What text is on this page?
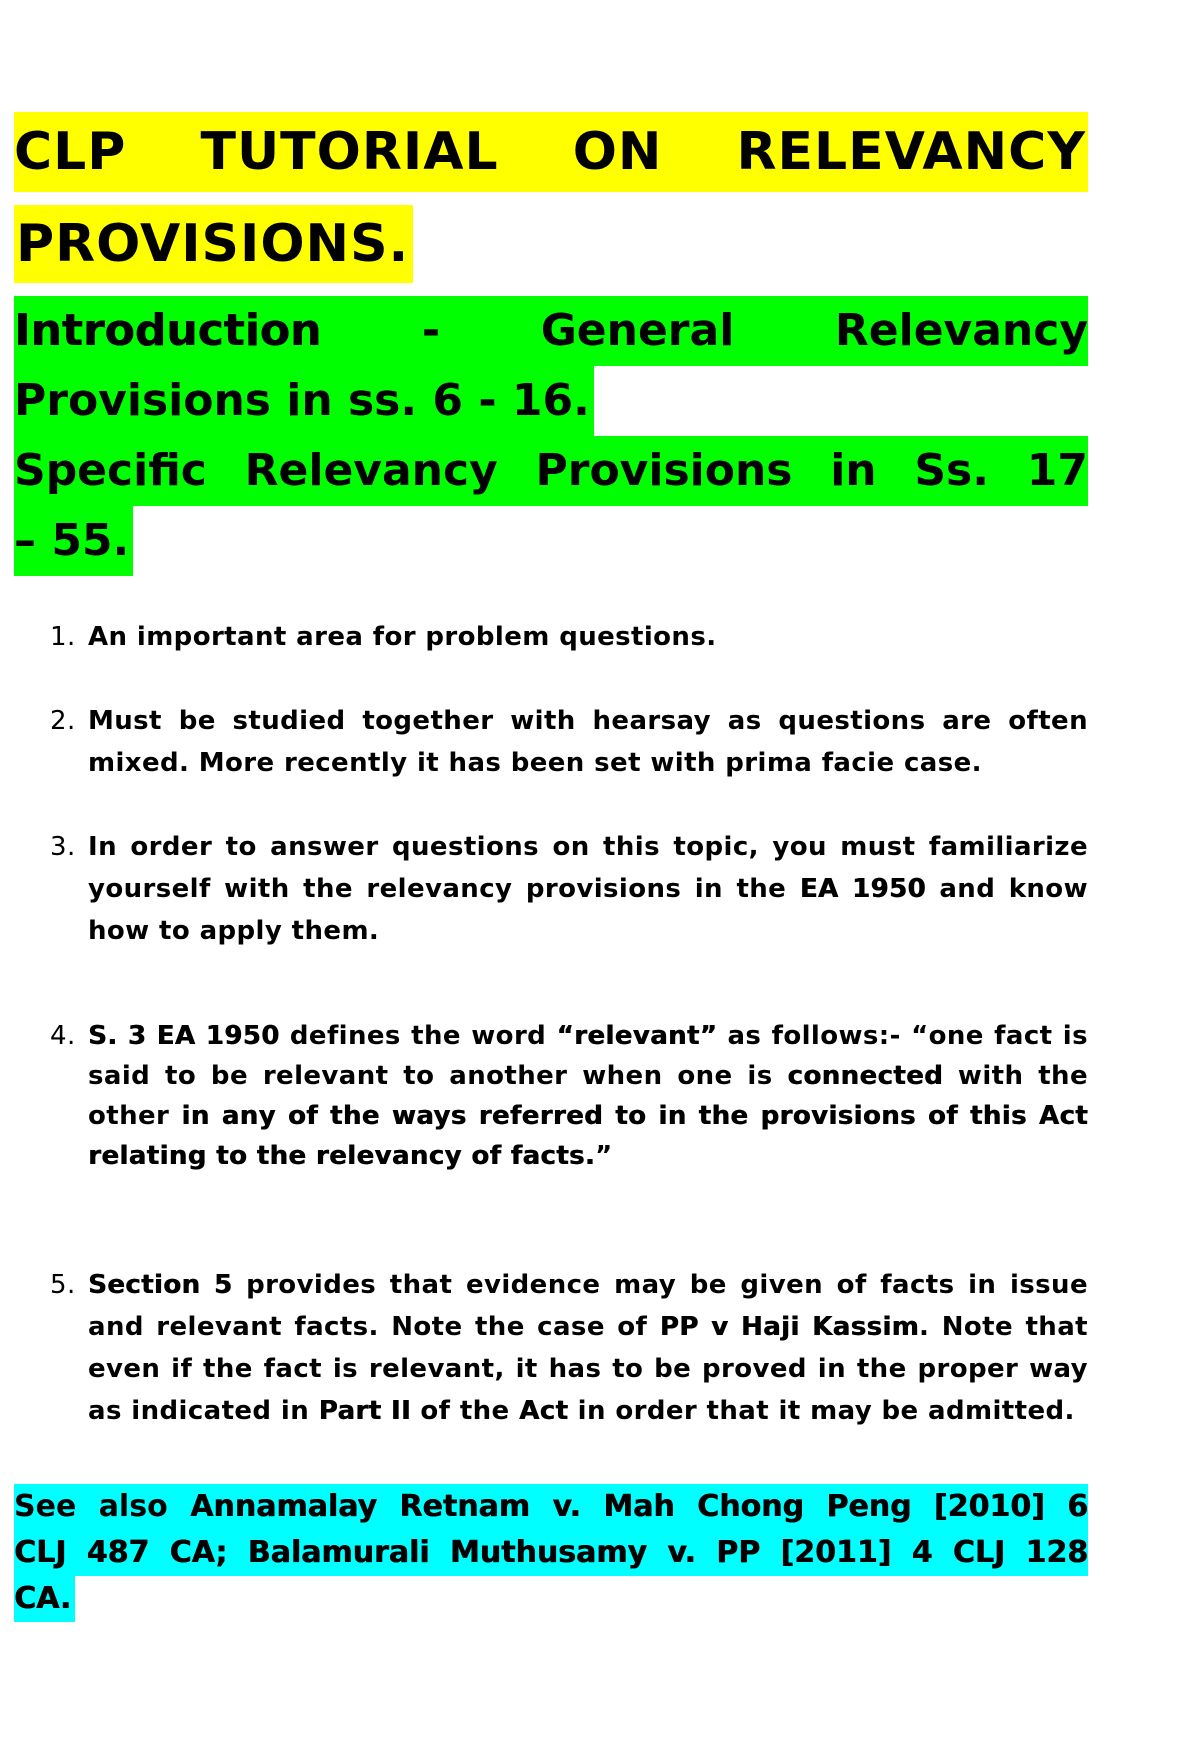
CLP TUTORIAL ON RELEVANCY
PROVISIONS.
Introduction - General Relevancy
Provisions in ss. 6 - 16.
Specific Relevancy Provisions in Ss. 17
– 55.
1. An important area for problem questions.

2. Must be studied together with hearsay as questions are often mixed. More recently it has been set with prima facie case.

3. In order to answer questions on this topic, you must familiarize yourself with the relevancy provisions in the EA 1950 and know how to apply them.

4. S. 3 EA 1950 defines the word “relevant” as follows:- “one fact is said to be relevant to another when one is connected with the other in any of the ways referred to in the provisions of this Act relating to the relevancy of facts.”

5. Section 5 provides that evidence may be given of facts in issue and relevant facts. Note the case of PP v Haji Kassim. Note that even if the fact is relevant, it has to be proved in the proper way as indicated in Part II of the Act in order that it may be admitted.

See also Annamalay Retnam v. Mah Chong Peng [2010] 6
CLJ 487 CA; Balamurali Muthusamy v. PP [2011] 4 CLJ 128
CA.
